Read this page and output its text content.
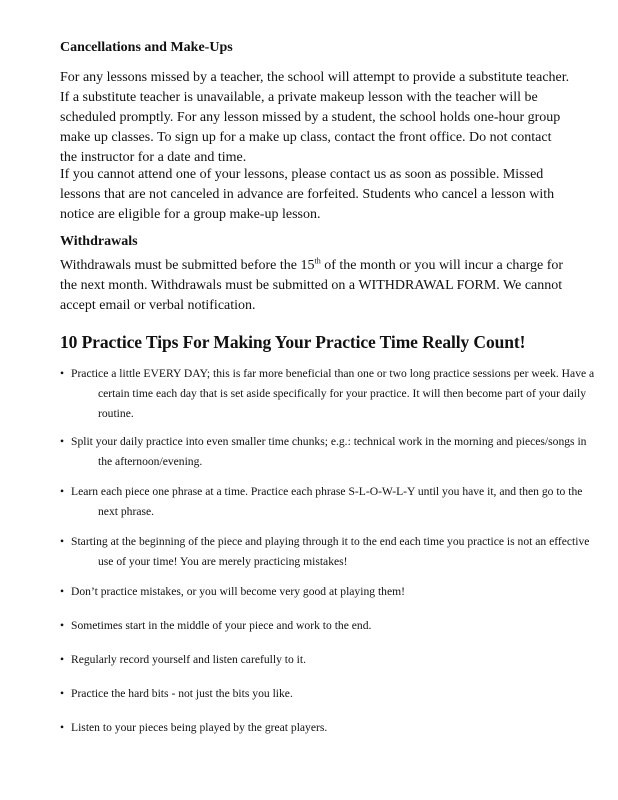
Cancellations and Make-Ups

For any lessons missed by a teacher, the school will attempt to provide a substitute teacher. If a substitute teacher is unavailable, a private makeup lesson with the teacher will be scheduled promptly. For any lesson missed by a student, the school holds one-hour group make up classes. To sign up for a make up class, contact the front office. Do not contact the instructor for a date and time.

If you cannot attend one of your lessons, please contact us as soon as possible. Missed lessons that are not canceled in advance are forfeited. Students who cancel a lesson with notice are eligible for a group make-up lesson.

Withdrawals

Withdrawals must be submitted before the 15th of the month or you will incur a charge for the next month. Withdrawals must be submitted on a WITHDRAWAL FORM. We cannot accept email or verbal notification.

10 Practice Tips For Making Your Practice Time Really Count!
• Practice a little EVERY DAY; this is far more beneficial than one or two long practice sessions per week. Have a certain time each day that is set aside specifically for your practice. It will then become part of your daily routine.
• Split your daily practice into even smaller time chunks; e.g.: technical work in the morning and pieces/songs in the afternoon/evening.
• Learn each piece one phrase at a time. Practice each phrase S-L-O-W-L-Y until you have it, and then go to the next phrase.
• Starting at the beginning of the piece and playing through it to the end each time you practice is not an effective use of your time! You are merely practicing mistakes!
• Don’t practice mistakes, or you will become very good at playing them!
• Sometimes start in the middle of your piece and work to the end.
• Regularly record yourself and listen carefully to it.
• Practice the hard bits - not just the bits you like.
• Listen to your pieces being played by the great players.
